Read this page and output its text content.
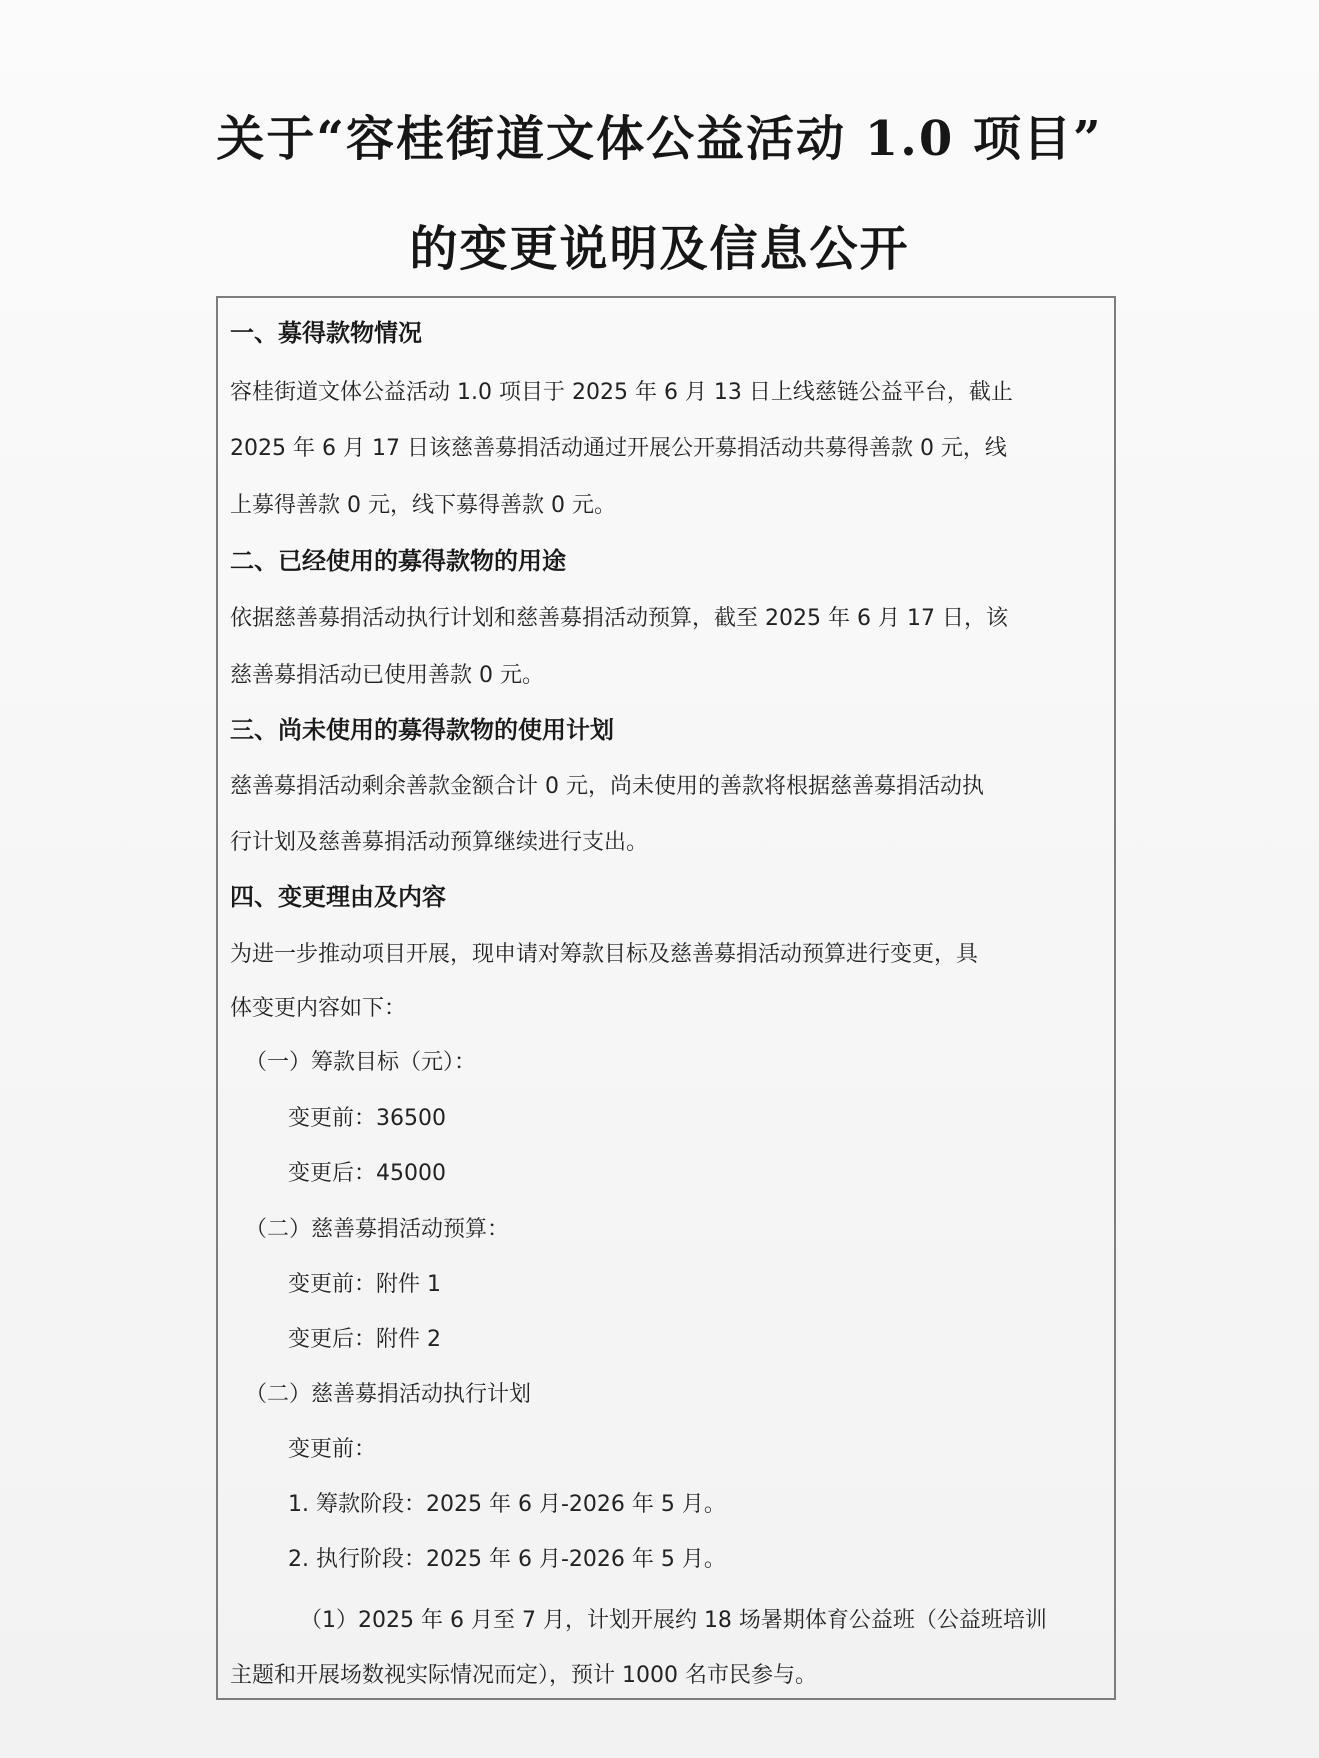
关于“容桂街道文体公益活动 1.0 项目”
的变更说明及信息公开
一、募得款物情况
容桂街道文体公益活动 1.0 项目于 2025 年 6 月 13 日上线慈链公益平台，截止
2025 年 6 月 17 日该慈善募捐活动通过开展公开募捐活动共募得善款 0 元，线
上募得善款 0 元，线下募得善款 0 元。
二、已经使用的募得款物的用途
依据慈善募捐活动执行计划和慈善募捐活动预算，截至 2025 年 6 月 17 日，该
慈善募捐活动已使用善款 0 元。
三、尚未使用的募得款物的使用计划
慈善募捐活动剩余善款金额合计 0 元，尚未使用的善款将根据慈善募捐活动执
行计划及慈善募捐活动预算继续进行支出。
四、变更理由及内容
为进一步推动项目开展，现申请对筹款目标及慈善募捐活动预算进行变更，具
体变更内容如下：
（一）筹款目标（元）：
变更前：36500
变更后：45000
（二）慈善募捐活动预算：
变更前：附件 1
变更后：附件 2
（二）慈善募捐活动执行计划
变更前：
1. 筹款阶段：2025 年 6 月-2026 年 5 月。
2. 执行阶段：2025 年 6 月-2026 年 5 月。
（1）2025 年 6 月至 7 月，计划开展约 18 场暑期体育公益班（公益班培训
主题和开展场数视实际情况而定），预计 1000 名市民参与。
